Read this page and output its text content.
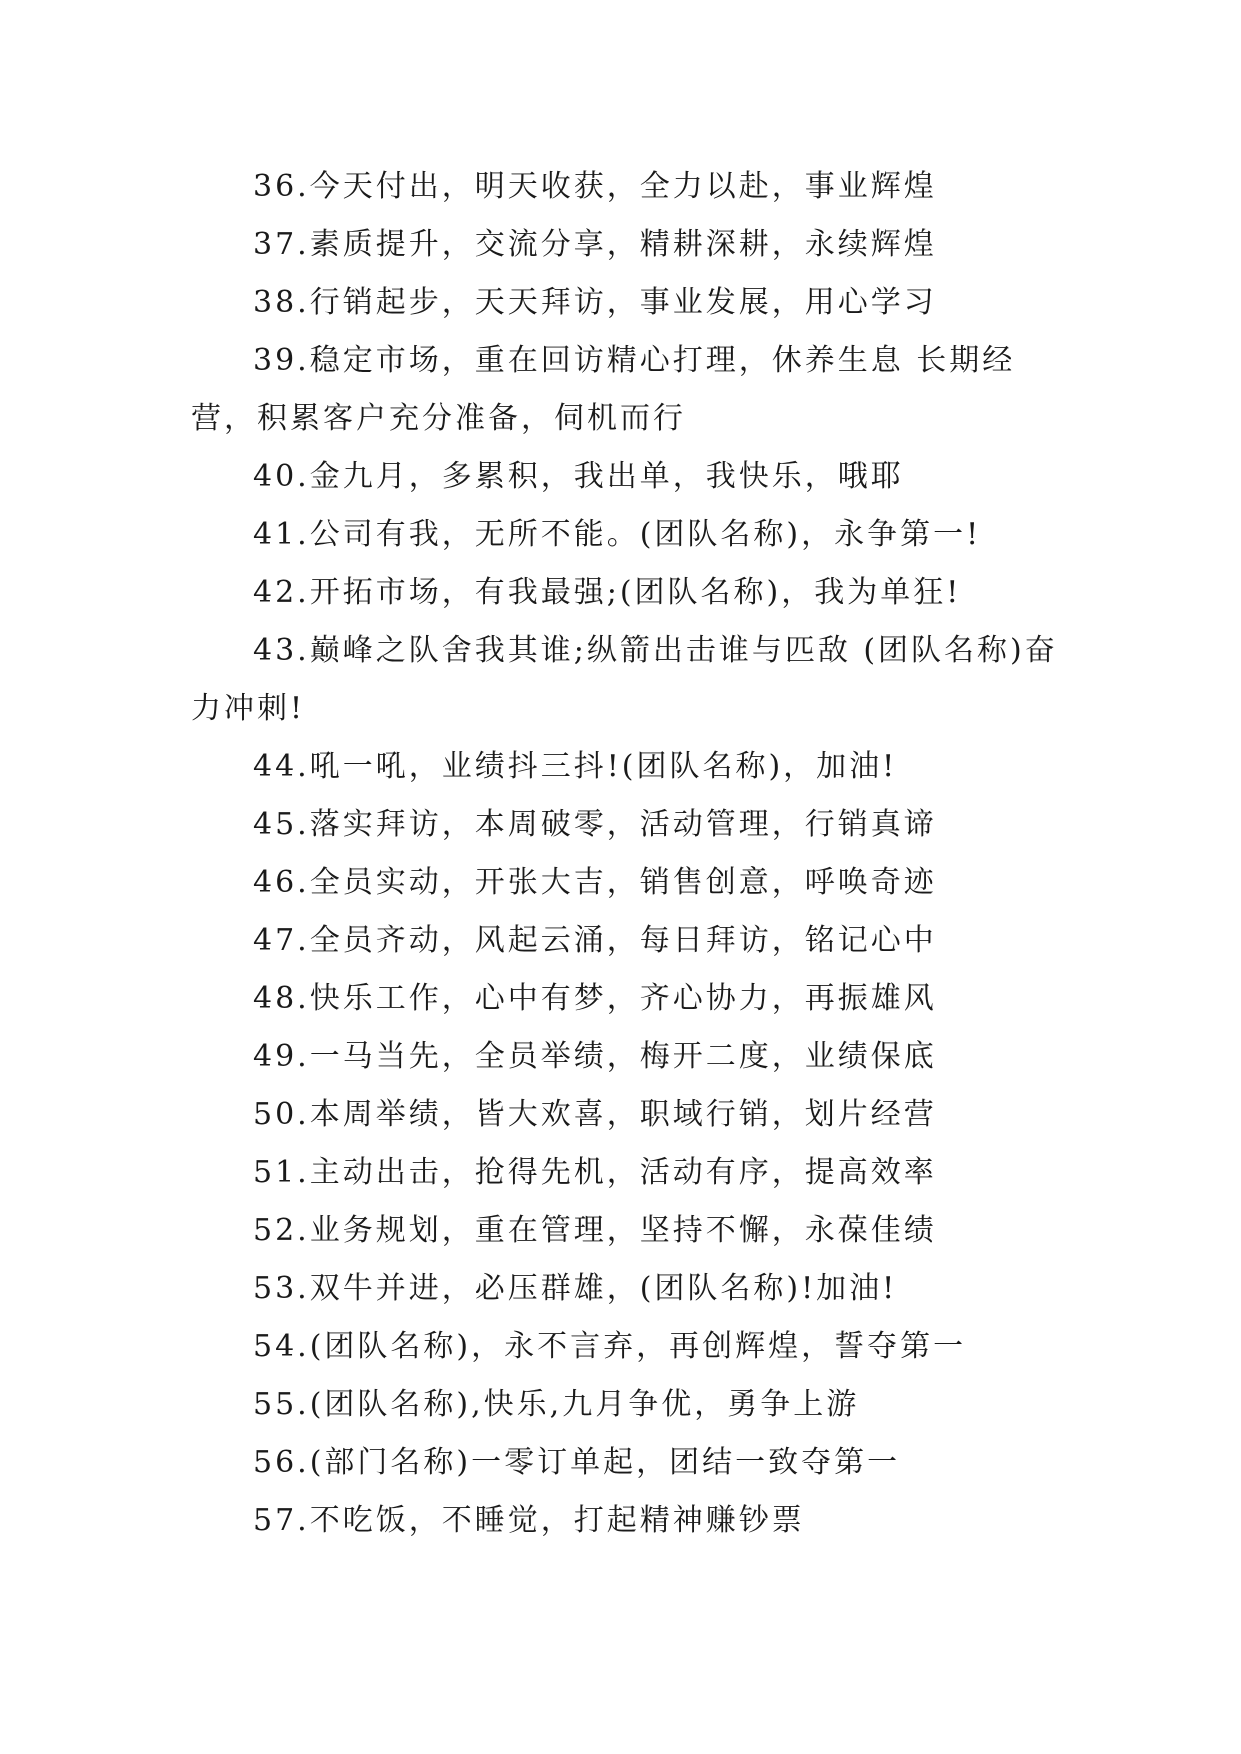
36.今天付出，明天收获，全力以赴，事业辉煌

37.素质提升，交流分享，精耕深耕，永续辉煌

38.行销起步，天天拜访，事业发展，用心学习

39.稳定市场，重在回访精心打理，休养生息 长期经营，积累客户充分准备，伺机而行

40.金九月，多累积，我出单，我快乐，哦耶

41.公司有我，无所不能。(团队名称)，永争第一!

42.开拓市场，有我最强;(团队名称)，我为单狂!

43.巅峰之队舍我其谁;纵箭出击谁与匹敌 (团队名称)奋力冲刺!

44.吼一吼，业绩抖三抖!(团队名称)，加油!

45.落实拜访，本周破零，活动管理，行销真谛

46.全员实动，开张大吉，销售创意，呼唤奇迹

47.全员齐动，风起云涌，每日拜访，铭记心中

48.快乐工作，心中有梦，齐心协力，再振雄风

49.一马当先，全员举绩，梅开二度，业绩保底

50.本周举绩，皆大欢喜，职域行销，划片经营

51.主动出击，抢得先机，活动有序，提高效率

52.业务规划，重在管理，坚持不懈，永葆佳绩

53.双牛并进，必压群雄，(团队名称)!加油!

54.(团队名称)，永不言弃，再创辉煌，誓夺第一

55.(团队名称),快乐,九月争优，勇争上游

56.(部门名称)一零订单起，团结一致夺第一

57.不吃饭，不睡觉，打起精神赚钞票
